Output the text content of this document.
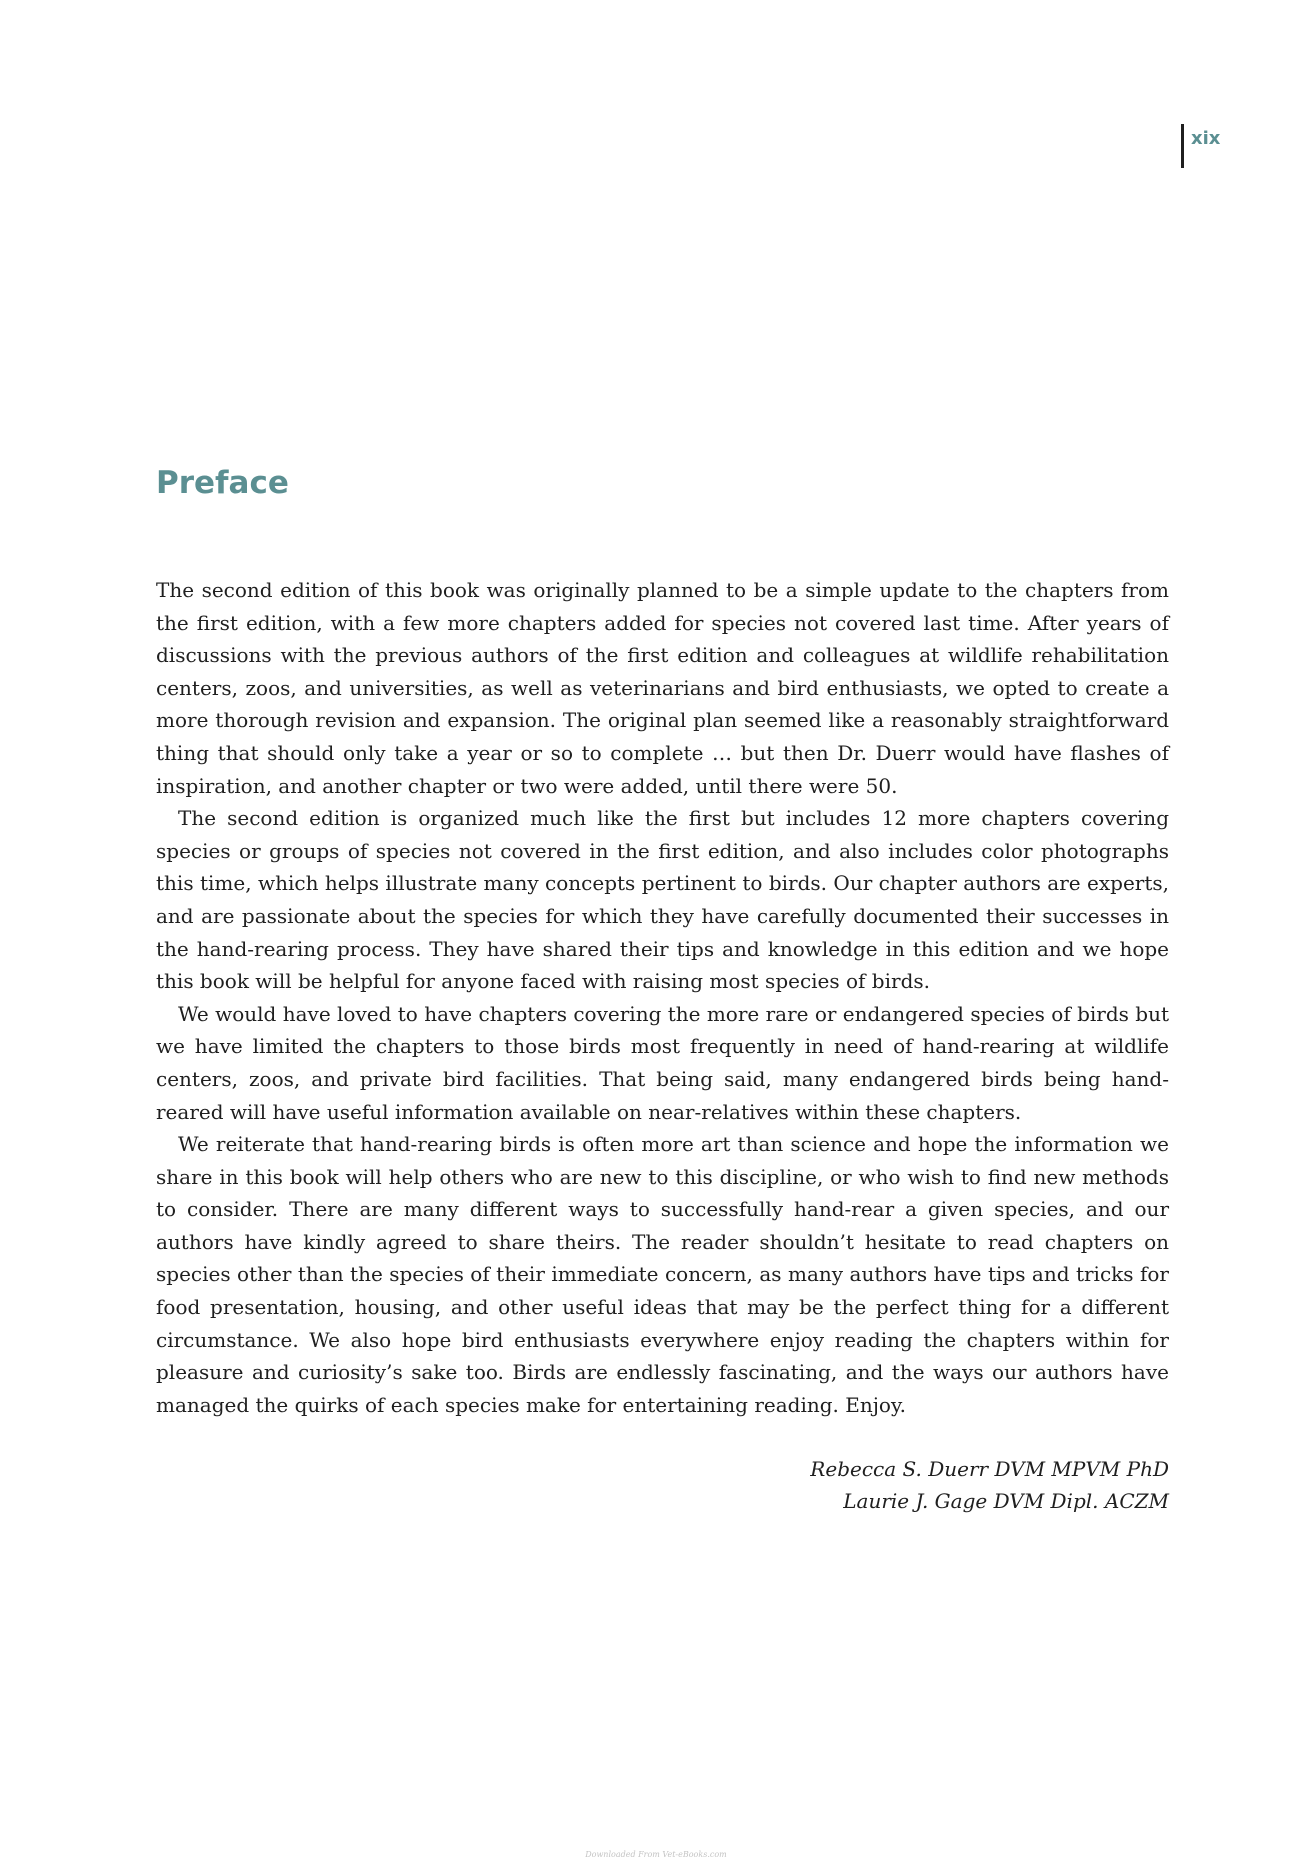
xix
Preface

The second edition of this book was originally planned to be a simple update to the chapters from the first edition, with a few more chapters added for species not covered last time. After years of discussions with the previous authors of the first edition and colleagues at wildlife rehabilitation centers, zoos, and universities, as well as veterinarians and bird enthusiasts, we opted to create a more thorough revision and expansion. The original plan seemed like a reasonably straightforward thing that should only take a year or so to complete … but then Dr. Duerr would have flashes of inspiration, and another chapter or two were added, until there were 50.

The second edition is organized much like the first but includes 12 more chapters covering species or groups of species not covered in the first edition, and also includes color photographs this time, which helps illustrate many concepts pertinent to birds. Our chapter authors are experts, and are passionate about the species for which they have carefully documented their successes in the hand-rearing process. They have shared their tips and knowledge in this edition and we hope this book will be helpful for anyone faced with raising most species of birds.

We would have loved to have chapters covering the more rare or endangered species of birds but we have limited the chapters to those birds most frequently in need of hand-rearing at wildlife centers, zoos, and private bird facilities. That being said, many endangered birds being hand-reared will have useful information available on near-relatives within these chapters.

We reiterate that hand-rearing birds is often more art than science and hope the information we share in this book will help others who are new to this discipline, or who wish to find new methods to consider. There are many different ways to successfully hand-rear a given species, and our authors have kindly agreed to share theirs. The reader shouldn’t hesitate to read chapters on species other than the species of their immediate concern, as many authors have tips and tricks for food presentation, housing, and other useful ideas that may be the perfect thing for a different circumstance. We also hope bird enthusiasts everywhere enjoy reading the chapters within for pleasure and curiosity’s sake too. Birds are endlessly fascinating, and the ways our authors have managed the quirks of each species make for entertaining reading. Enjoy.

Rebecca S. Duerr DVM MPVM PhD
Laurie J. Gage DVM Dipl. ACZM
Downloaded From Vet-eBooks.com
